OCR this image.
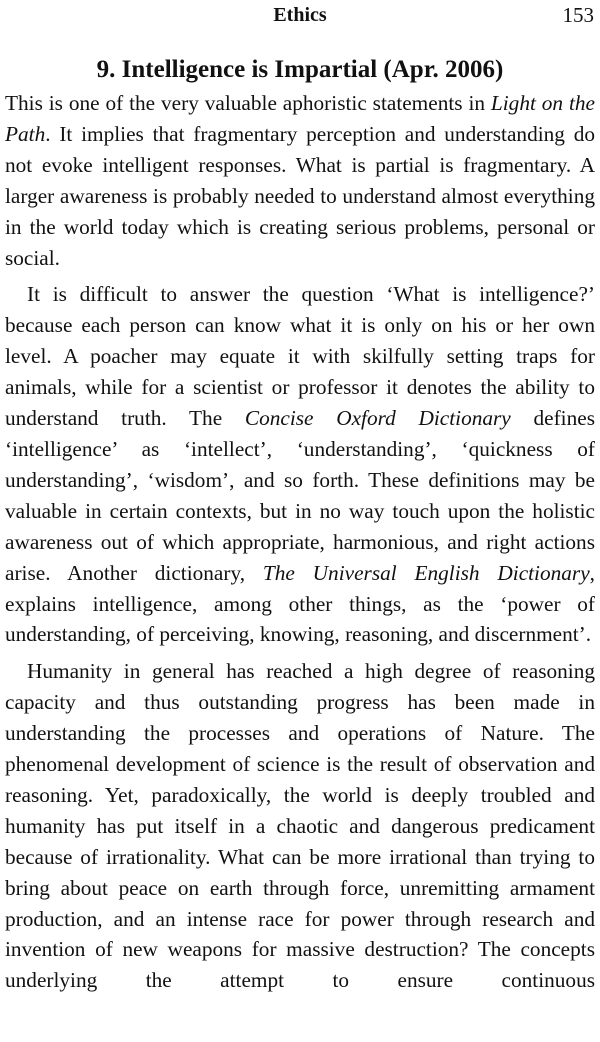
Ethics	153
9. Intelligence is Impartial (Apr. 2006)

This is one of the very valuable aphoristic statements in Light on the Path. It implies that fragmentary perception and understanding do not evoke intelligent responses. What is partial is fragmentary. A larger awareness is probably needed to understand almost everything in the world today which is creating serious problems, personal or social.

It is difficult to answer the question ‘What is intelligence?’ because each person can know what it is only on his or her own level. A poacher may equate it with skilfully setting traps for animals, while for a scientist or professor it denotes the ability to understand truth. The Concise Oxford Dictionary defines ‘intelligence’ as ‘intellect’, ‘understanding’, ‘quickness of understanding’, ‘wisdom’, and so forth. These definitions may be valuable in certain contexts, but in no way touch upon the holistic awareness out of which appropriate, harmonious, and right actions arise. Another dictionary, The Universal English Dictionary, explains intelligence, among other things, as the ‘power of understanding, of perceiving, knowing, reasoning, and discernment’.

Humanity in general has reached a high degree of reasoning capacity and thus outstanding progress has been made in understanding the processes and operations of Nature. The phenomenal development of science is the result of observation and reasoning. Yet, paradoxically, the world is deeply troubled and humanity has put itself in a chaotic and dangerous predicament because of irrationality. What can be more irrational than trying to bring about peace on earth through force, unremitting armament production, and an intense race for power through research and invention of new weapons for massive destruction? The concepts underlying the attempt to ensure continuous
